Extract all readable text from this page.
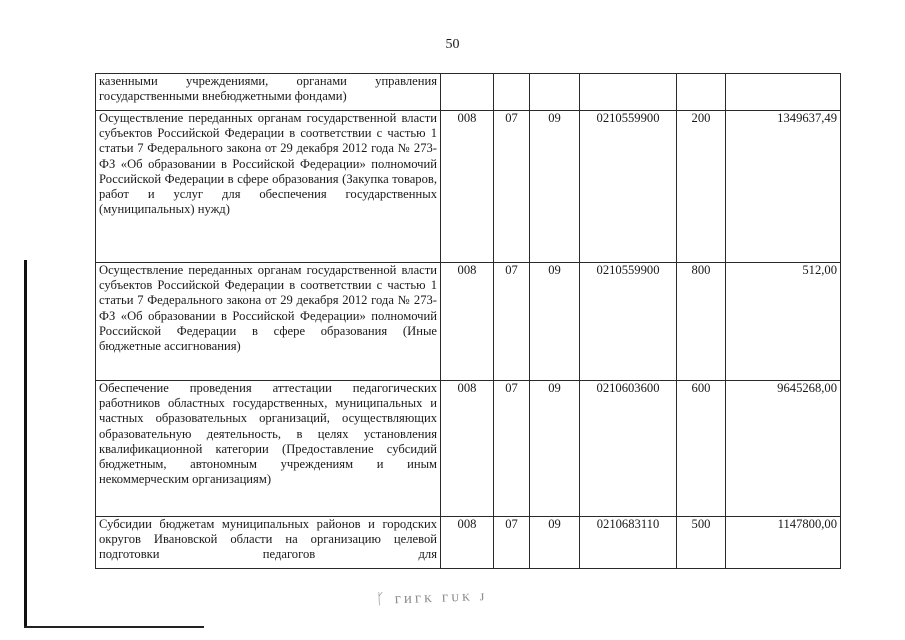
50
казенными учреждениями, органами управления государственными внебюджетными фондами)						
Осуществление переданных органам государственной власти субъектов Российской Федерации в соответствии с частью 1 статьи 7 Федерального закона от 29 декабря 2012 года № 273-ФЗ «Об образовании в Российской Федерации» полномочий Российской Федерации в сфере образования (Закупка товаров, работ и услуг для обеспечения государственных (муниципальных) нужд)	008	07	09	0210559900	200	1349637,49
Осуществление переданных органам государственной власти субъектов Российской Федерации в соответствии с частью 1 статьи 7 Федерального закона от 29 декабря 2012 года № 273-ФЗ «Об образовании в Российской Федерации» полномочий Российской Федерации в сфере образования (Иные бюджетные ассигнования)	008	07	09	0210559900	800	512,00
Обеспечение проведения аттестации педагогических работников областных государственных, муниципальных и частных образовательных организаций, осуществляющих образовательную деятельность, в целях установления квалификационной категории (Предоставление субсидий бюджетным, автономным учреждениям и иным некоммерческим организациям)	008	07	09	0210603600	600	9645268,00

Субсидии бюджетам муниципальных районов и городских округов Ивановской области на организацию целевой подготовки педагогов для	008	07	09	0210683110	500	1147800,00
ᚴ ᴦᴎᴦᴋ ᴦᴜᴋ ᴊ
